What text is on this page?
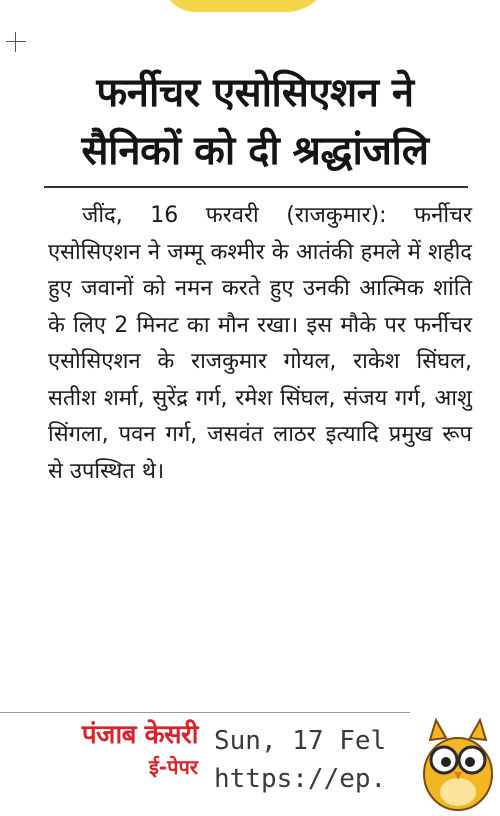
फर्नीचर एसोसिएशन ने
सैनिकों को दी श्रद्धांजलि

जींद, 16 फरवरी (राजकुमार): फर्नीचर एसोसिएशन ने जम्मू कश्मीर के आतंकी हमले में शहीद हुए जवानों को नमन करते हुए उनकी आत्मिक शांति के लिए 2 मिनट का मौन रखा। इस मौके पर फर्नीचर एसोसिएशन के राजकुमार गोयल, राकेश सिंघल, सतीश शर्मा, सुरेंद्र गर्ग, रमेश सिंघल, संजय गर्ग, आशु सिंगला, पवन गर्ग, जसवंत लाठर इत्यादि प्रमुख रूप से उपस्थित थे।

पंजाब केसरी
ई-पेपर
Sun, 17 Fel
https://ep.
